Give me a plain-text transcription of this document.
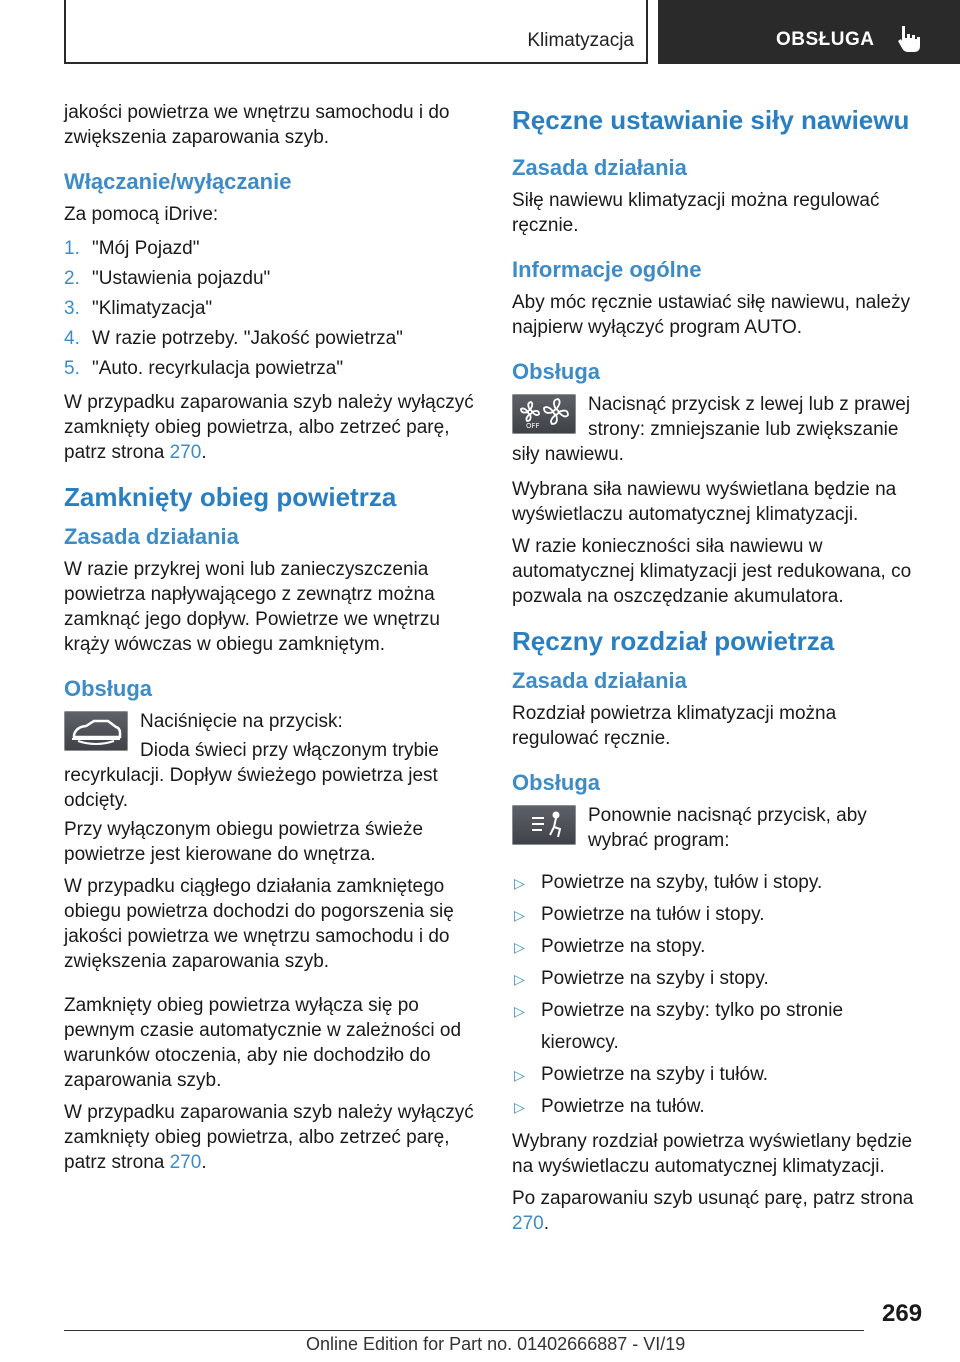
Klimatyzacja	OBSŁUGA

jakości powietrza we wnętrzu samochodu i do zwiększenia zaparowania szyb.

Włączanie/wyłączanie

Za pomocą iDrive:

1. "Mój Pojazd"
2. "Ustawienia pojazdu"
3. "Klimatyzacja"
4. W razie potrzeby. "Jakość powietrza"
5. "Auto. recyrkulacja powietrza"

W przypadku zaparowania szyb należy wyłączyć zamknięty obieg powietrza, albo zetrzeć parę, patrz strona 270.

Zamknięty obieg powietrza
Zasada działania

W razie przykrej woni lub zanieczyszczenia powietrza napływającego z zewnątrz można zamknąć jego dopływ. Powietrze we wnętrzu krąży wówczas w obiegu zamkniętym.

Obsługa

Naciśnięcie na przycisk:

Dioda świeci przy włączonym trybie recyrkulacji. Dopływ świeżego powietrza jest odcięty.

Przy wyłączonym obiegu powietrza świeże powietrze jest kierowane do wnętrza.

W przypadku ciągłego działania zamkniętego obiegu powietrza dochodzi do pogorszenia się jakości powietrza we wnętrzu samochodu i do zwiększenia zaparowania szyb.

Zamknięty obieg powietrza wyłącza się po pewnym czasie automatycznie w zależności od warunków otoczenia, aby nie dochodziło do zaparowania szyb.

W przypadku zaparowania szyb należy wyłączyć zamknięty obieg powietrza, albo zetrzeć parę, patrz strona 270.

Ręczne ustawianie siły nawiewu
Zasada działania

Siłę nawiewu klimatyzacji można regulować ręcznie.

Informacje ogólne

Aby móc ręcznie ustawiać siłę nawiewu, należy najpierw wyłączyć program AUTO.

Obsługa
OFF

Nacisnąć przycisk z lewej lub z prawej strony: zmniejszanie lub zwiększanie siły nawiewu.

Wybrana siła nawiewu wyświetlana będzie na wyświetlaczu automatycznej klimatyzacji.

W razie konieczności siła nawiewu w automatycznej klimatyzacji jest redukowana, co pozwala na oszczędzanie akumulatora.

Ręczny rozdział powietrza
Zasada działania

Rozdział powietrza klimatyzacji można regulować ręcznie.

Obsługa

Ponownie nacisnąć przycisk, aby wybrać program:

▷ Powietrze na szyby, tułów i stopy.
▷ Powietrze na tułów i stopy.
▷ Powietrze na stopy.
▷ Powietrze na szyby i stopy.
▷ Powietrze na szyby: tylko po stronie kierowcy.
▷ Powietrze na szyby i tułów.
▷ Powietrze na tułów.

Wybrany rozdział powietrza wyświetlany będzie na wyświetlaczu automatycznej klimatyzacji.

Po zaparowaniu szyb usunąć parę, patrz strona 270.

269
Online Edition for Part no. 01402666887 - VI/19
